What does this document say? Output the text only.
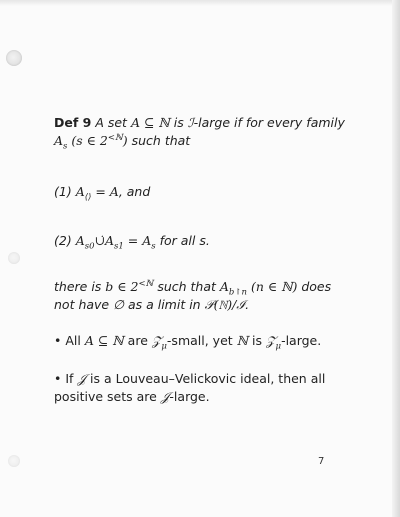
Def 9 A set A ⊆ ℕ is ℐ-large if for every family
$A_s$ (s ∈ $2^{<ℕ}$) such that
(1) $A_{⟨⟩} = A$, and
(2) $A_{s0}\cuṗA_{s1} = A_s$ for all s.
there is b ∈ $2^{<ℕ}$ such that $A_{b↾n}$ (n ∈ ℕ) does
not have ∅ as a limit in 𝒫(ℕ)/ℐ.
• All A ⊆ ℕ are 𝒵$_\mu$-small, yet ℕ is 𝒵$_\mu$-large.
• If 𝒥 is a Louveau–Velickovic ideal, then all
positive sets are 𝒥-large.
7
